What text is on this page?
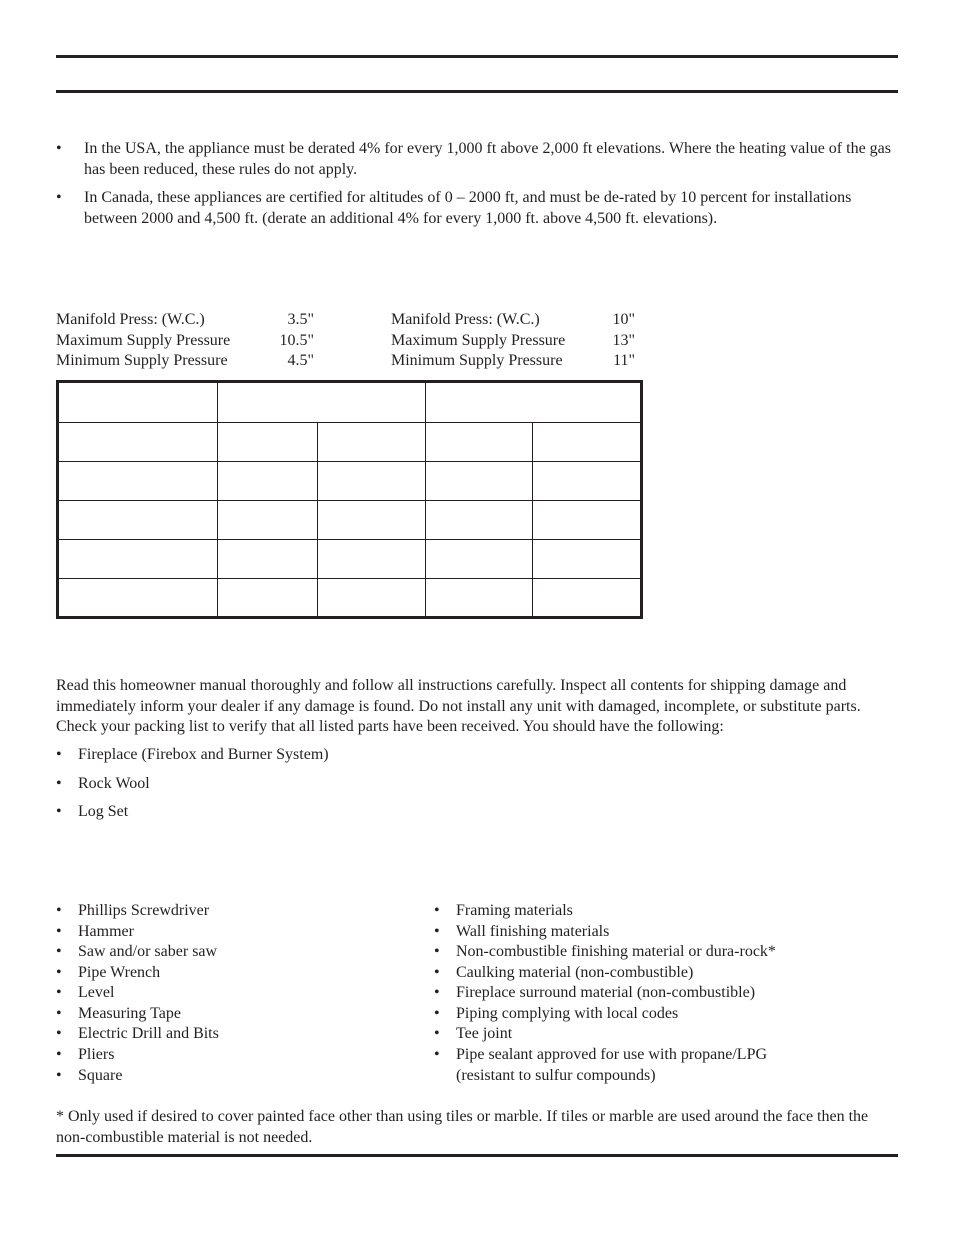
• In the USA, the appliance must be derated 4% for every 1,000 ft above 2,000 ft elevations. Where the heating value of the gas has been reduced, these rules do not apply.
• In Canada, these appliances are certified for altitudes of 0 – 2000 ft, and must be de-rated by 10 percent for installations between 2000 and 4,500 ft. (derate an additional 4% for every 1,000 ft. above 4,500 ft. elevations).
Manifold Press: (W.C.)	3.5"
Maximum Supply Pressure	10.5"
Minimum Supply Pressure	4.5"
Manifold Press: (W.C.)	10"
Maximum Supply Pressure	13"
Minimum Supply Pressure	11"

Read this homeowner manual thoroughly and follow all instructions carefully. Inspect all contents for shipping damage and immediately inform your dealer if any damage is found. Do not install any unit with damaged, incomplete, or substitute parts. Check your packing list to verify that all listed parts have been received. You should have the following:
• Fireplace (Firebox and Burner System)
• Rock Wool
• Log Set
• Phillips Screwdriver
• Hammer
• Saw and/or saber saw
• Pipe Wrench
• Level
• Measuring Tape
• Electric Drill and Bits
• Pliers
• Square
• Framing materials
• Wall finishing materials
• Non-combustible finishing material or dura-rock*
• Caulking material (non-combustible)
• Fireplace surround material (non-combustible)
• Piping complying with local codes
• Tee joint
• Pipe sealant approved for use with propane/LPG
(resistant to sulfur compounds)
* Only used if desired to cover painted face other than using tiles or marble. If tiles or marble are used around the face then the non-combustible material is not needed.
